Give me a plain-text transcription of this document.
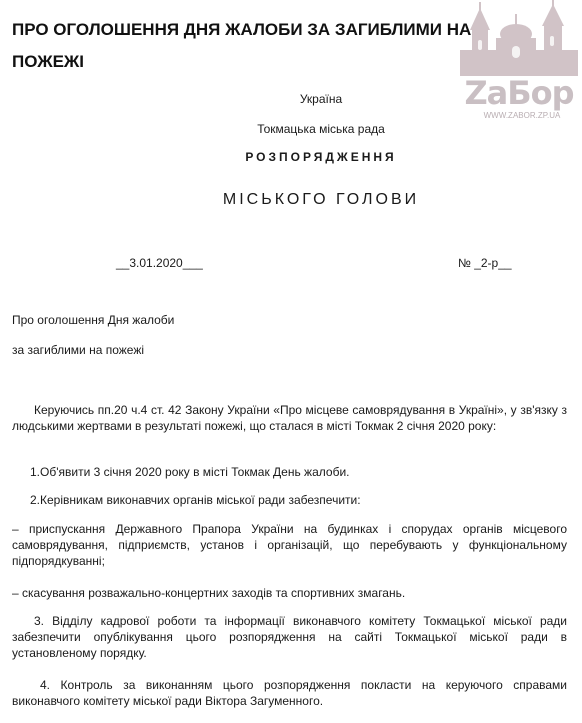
ПРО ОГОЛОШЕННЯ ДНЯ ЖАЛОБИ ЗА ЗАГИБЛИМИ НА ПОЖЕЖІ
ZaБор
WWW.ZABOR.ZP.UA
Україна
Токмацька міська рада
РОЗПОРЯДЖЕННЯ
МІСЬКОГО ГОЛОВИ
__3.01.2020___	№ _2-р__
Про оголошення Дня жалоби
за загиблими на пожежі
Керуючись пп.20 ч.4 ст. 42 Закону України «Про місцеве самоврядування в Україні», у зв'язку з людськими жертвами в результаті пожежі, що сталася в місті Токмак 2 січня 2020 року:
1.Об'явити 3 січня 2020 року в місті Токмак День жалоби.
2.Керівникам виконавчих органів міської ради забезпечити:
– приспускання Державного Прапора України на будинках і спорудах органів місцевого самоврядування, підприємств, установ і організацій, що перебувають у функціональному підпорядкуванні;
– скасування розважально-концертних заходів та спортивних змагань.
3. Відділу кадрової роботи та інформації виконавчого комітету Токмацької міської ради забезпечити опублікування цього розпорядження на сайті Токмацької міської ради в установленому порядку.
4. Контроль за виконанням цього розпорядження покласти на керуючого справами виконавчого комітету міської ради Віктора Загуменного.
